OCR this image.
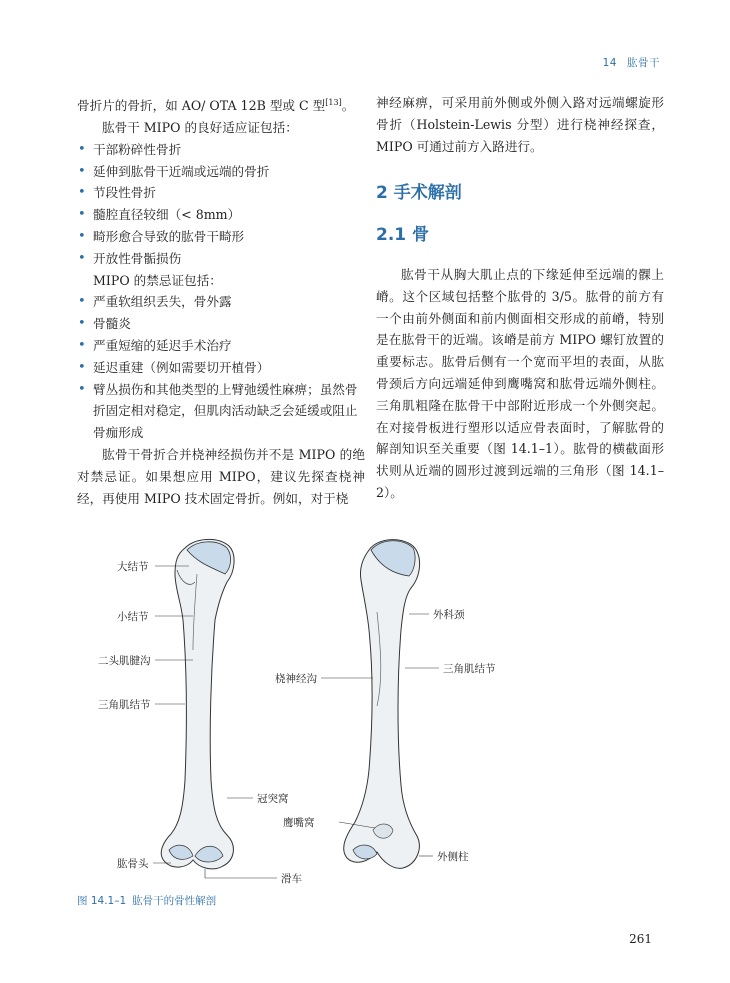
14 肱骨干

骨折片的骨折，如 AO/ OTA 12B 型或 C 型[13]。

肱骨干 MIPO 的良好适应证包括：

• 干部粉碎性骨折
• 延伸到肱骨干近端或远端的骨折
• 节段性骨折
• 髓腔直径较细（< 8mm）
• 畸形愈合导致的肱骨干畸形
• 开放性骨骺损伤

MIPO 的禁忌证包括：

• 严重软组织丢失，骨外露
• 骨髓炎
• 严重短缩的延迟手术治疗
• 延迟重建（例如需要切开植骨）
• 臂丛损伤和其他类型的上臂弛缓性麻痹；虽然骨折固定相对稳定，但肌肉活动缺乏会延缓或阻止骨痂形成

肱骨干骨折合并桡神经损伤并不是 MIPO 的绝对禁忌证。如果想应用 MIPO，建议先探查桡神经，再使用 MIPO 技术固定骨折。例如，对于桡

神经麻痹，可采用前外侧或外侧入路对远端螺旋形骨折（Holstein-Lewis 分型）进行桡神经探查，MIPO 可通过前方入路进行。

2 手术解剖
2.1 骨

肱骨干从胸大肌止点的下缘延伸至远端的髁上嵴。这个区域包括整个肱骨的 3/5。肱骨的前方有一个由前外侧面和前内侧面相交形成的前嵴，特别是在肱骨干的近端。该嵴是前方 MIPO 螺钉放置的重要标志。肱骨后侧有一个宽而平坦的表面，从肱骨颈后方向远端延伸到鹰嘴窝和肱骨远端外侧柱。三角肌粗隆在肱骨干中部附近形成一个外侧突起。在对接骨板进行塑形以适应骨表面时，了解肱骨的解剖知识至关重要（图 14.1–1）。肱骨的横截面形状则从近端的圆形过渡到远端的三角形（图 14.1–2）。

大结节
小结节
二头肌腱沟
三角肌结节
冠突窝
肱骨头
滑车
外科颈
三角肌结节
桡神经沟
鹰嘴窝
外侧柱
图 14.1–1 肱骨干的骨性解剖
261
